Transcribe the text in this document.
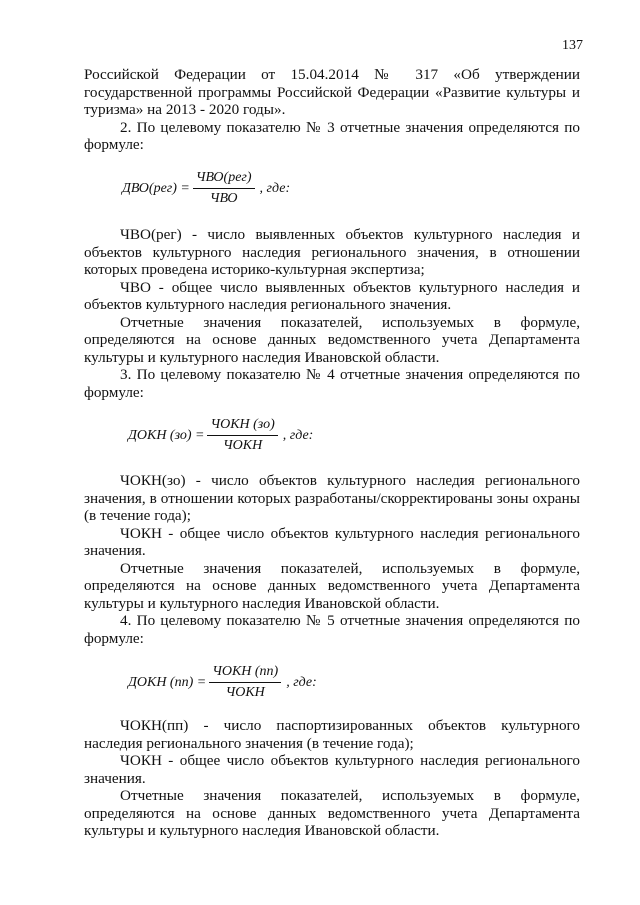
137
Российской Федерации от 15.04.2014 № 317 «Об утверждении
государственной программы Российской Федерации «Развитие культуры и
туризма» на 2013 - 2020 годы».
2. По целевому показателю № 3 отчетные значения определяются по
формуле:
$ДВО(рег) = \frac{\text{ЧВО(рег)}}{\text{ЧВО}}$ , где:
ЧВО(рег) - число выявленных объектов культурного наследия и
объектов культурного наследия регионального значения, в отношении
которых проведена историко-культурная экспертиза;
ЧВО - общее число выявленных объектов культурного наследия и
объектов культурного наследия регионального значения.
Отчетные значения показателей, используемых в формуле,
определяются на основе данных ведомственного учета Департамента
культуры и культурного наследия Ивановской области.
3. По целевому показателю № 4 отчетные значения определяются по
формуле:
ДОКН $(зо) = \frac{\text{ЧОКН (зо)}}{\text{ЧОКН}}$ , где:
ЧОКН(зо) - число объектов культурного наследия регионального
значения, в отношении которых разработаны/скорректированы зоны охраны
(в течение года);
ЧОКН - общее число объектов культурного наследия регионального
значения.
Отчетные значения показателей, используемых в формуле,
определяются на основе данных ведомственного учета Департамента
культуры и культурного наследия Ивановской области.
4. По целевому показателю № 5 отчетные значения определяются по
формуле:
ДОКН $(пп) = \frac{\text{ЧОКН (пп)}}{\text{ЧОКН}}$ , где:
ЧОКН(пп) - число паспортизированных объектов культурного
наследия регионального значения (в течение года);
ЧОКН - общее число объектов культурного наследия регионального
значения.
Отчетные значения показателей, используемых в формуле,
определяются на основе данных ведомственного учета Департамента
культуры и культурного наследия Ивановской области.
